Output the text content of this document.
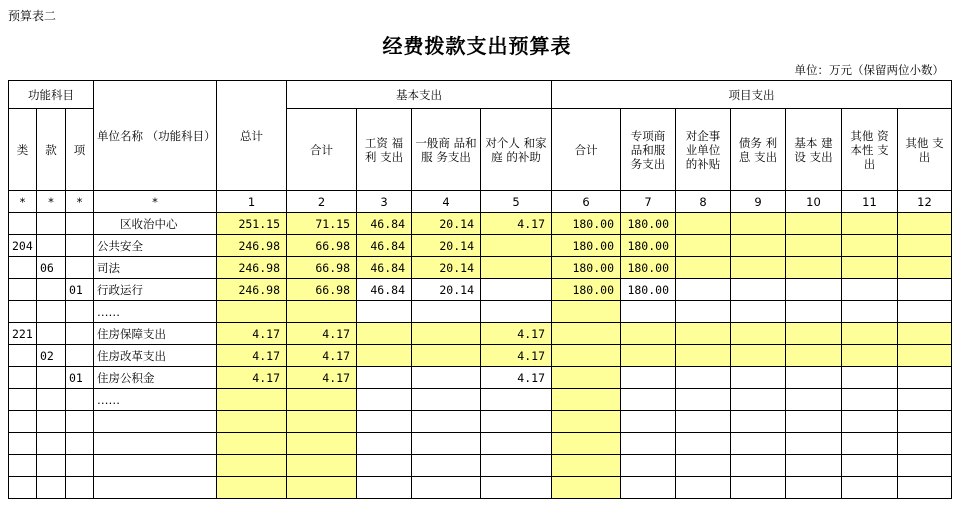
预算表二
经费拨款支出预算表
单位：万元（保留两位小数）
功能科目			单位名称 （功能科目）	总计	基本支出				项目支出						
类	款	项			合计	工资 福利 支出	一般商 品和服 务支出	对个人 和家庭 的补助	合计	专项商 品和服 务支出	对企事 业单位 的补贴	债务 利息 支出	基本 建设 支出	其他 资本性 支出	其他 支出

*	*	*	*	1	2	3	4	5	6	7	8	9	10	11	12
			　　区收治中心	251.15	71.15	46.84	20.14	4.17	180.00	180.00					
204			公共安全	246.98	66.98	46.84	20.14		180.00	180.00					
	06		司法	246.98	66.98	46.84	20.14		180.00	180.00					
		01	行政运行	246.98	66.98	46.84	20.14		180.00	180.00					
			……												
221			住房保障支出	4.17	4.17			4.17							
	02		住房改革支出	4.17	4.17			4.17							
		01	住房公积金	4.17	4.17			4.17							
			……												
